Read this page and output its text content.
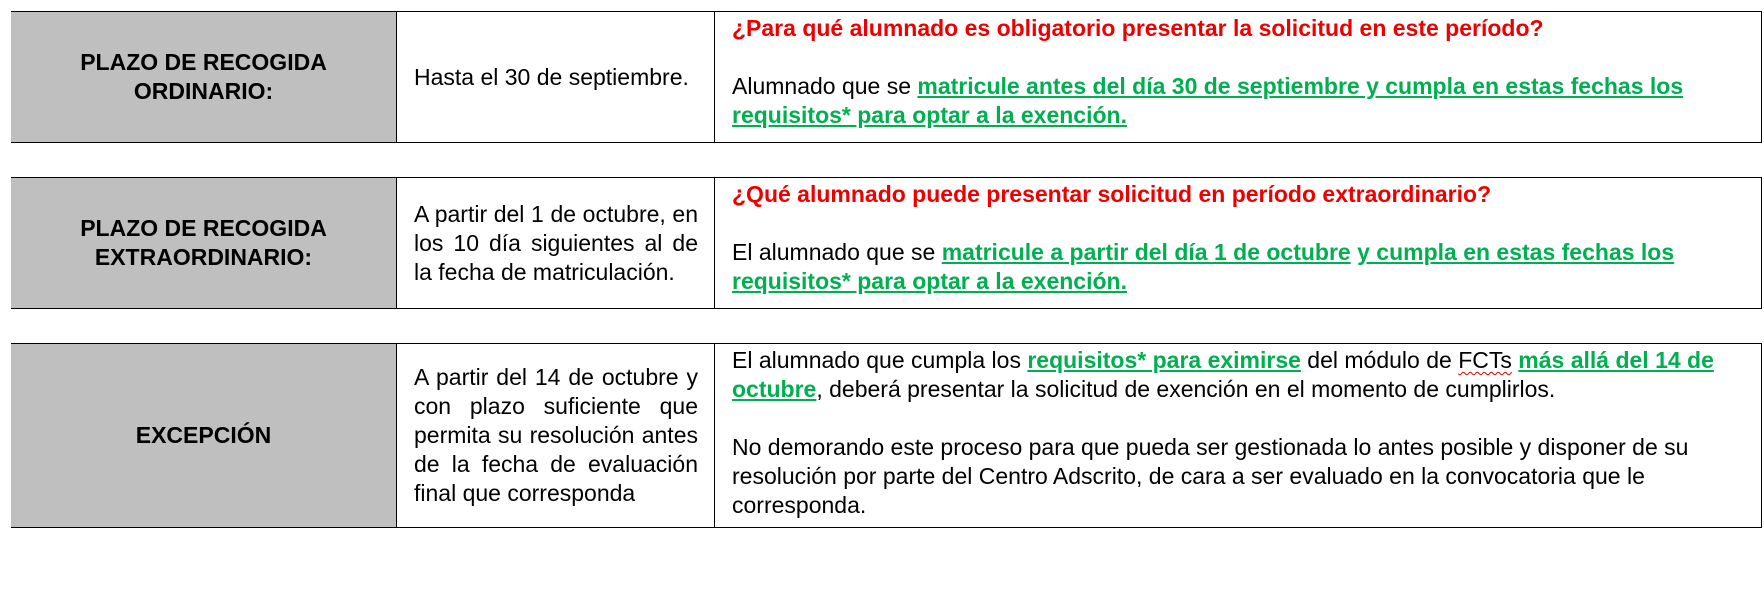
PLAZO DE RECOGIDA
ORDINARIO:
Hasta el 30 de septiembre.
¿Para qué alumnado es obligatorio presentar la solicitud en este período?
Alumnado que se matricule antes del día 30 de septiembre y cumpla en estas fechas los requisitos* para optar a la exención.
PLAZO DE RECOGIDA
EXTRAORDINARIO:
A partir del 1 de octubre, en los 10 día siguientes al de la fecha de matriculación.
¿Qué alumnado puede presentar solicitud en período extraordinario?
El alumnado que se matricule a partir del día 1 de octubre y cumpla en estas fechas los requisitos* para optar a la exención.
EXCEPCIÓN
A partir del 14 de octubre y con plazo suficiente que permita su resolución antes de la fecha de evaluación final que corresponda
El alumnado que cumpla los requisitos* para eximirse del módulo de FCTs más allá del 14 de octubre, deberá presentar la solicitud de exención en el momento de cumplirlos.
No demorando este proceso para que pueda ser gestionada lo antes posible y disponer de su resolución por parte del Centro Adscrito, de cara a ser evaluado en la convocatoria que le corresponda.
